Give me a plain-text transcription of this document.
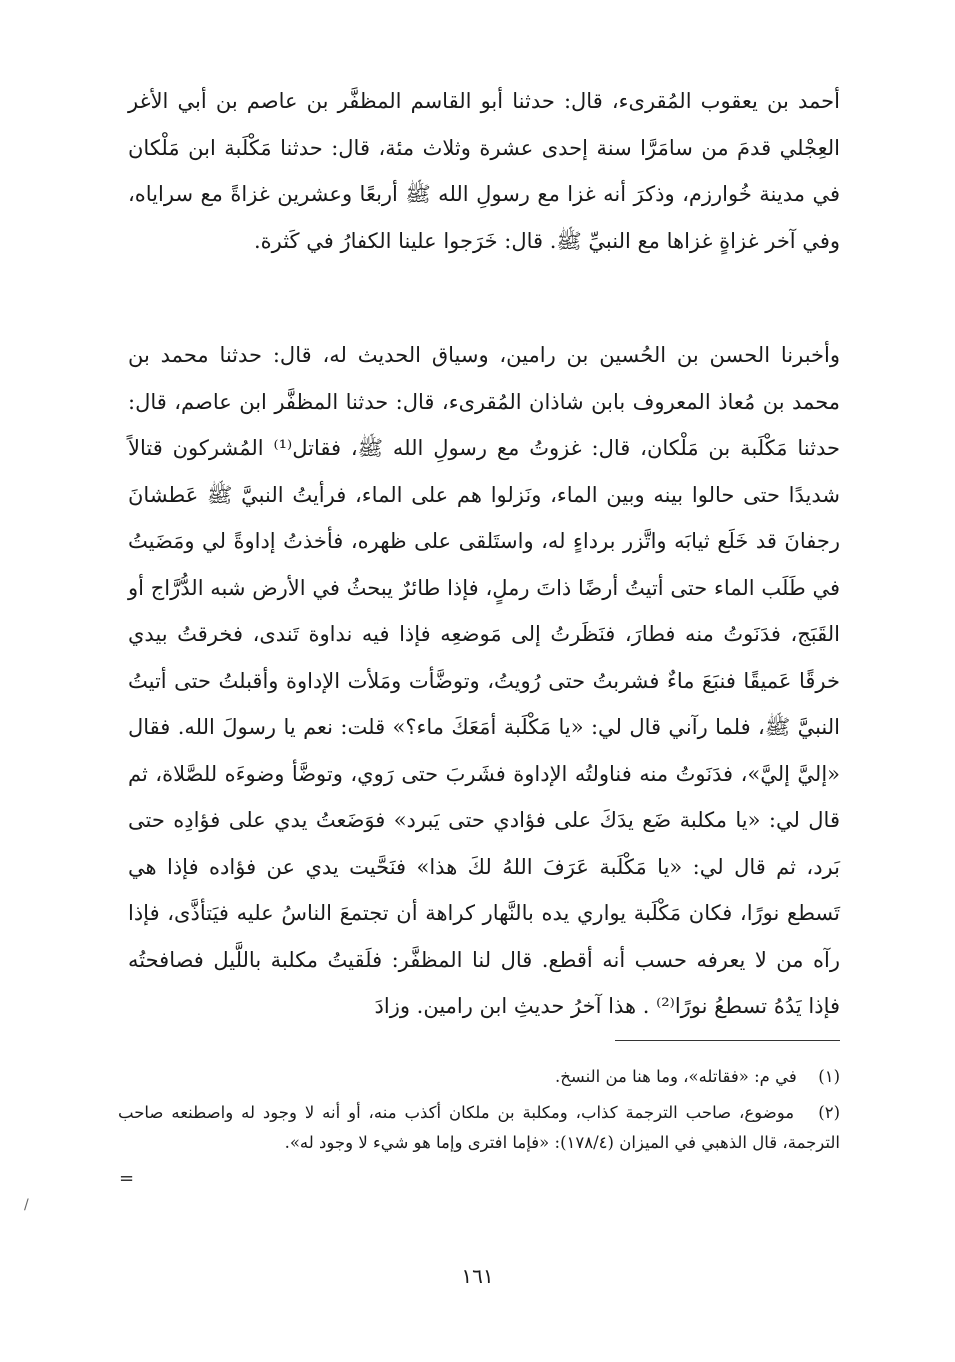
أحمد بن يعقوب المُقرىء، قال: حدثنا أبو القاسم المظفَّر بن عاصم بن أبي الأغر العِجْلي قدمَ من سامَرَّا سنة إحدى عشرة وثلاث مئة، قال: حدثنا مَكْلَبة ابن مَلْكان في مدينة خُوارزم، وذكرَ أنه غزا مع رسولِ الله ﷺ أربعًا وعشرين غزاةً مع سراياه، وفي آخر غزاةٍ غزاها مع النبيِّ ﷺ. قال: خَرَجوا علينا الكفارُ في كَثرة.

وأخبرنا الحسن بن الحُسين بن رامين، وسياق الحديث له، قال: حدثنا محمد بن محمد بن مُعاذ المعروف بابن شاذان المُقرىء، قال: حدثنا المظفَّر ابن عاصم، قال: حدثنا مَكْلَبة بن مَلْكان، قال: غزوتُ مع رسولِ الله ﷺ، فقاتل⁽¹⁾ المُشركون قتالاً شديدًا حتى حالوا بينه وبين الماء، ونَزلوا هم على الماء، فرأيتُ النبيَّ ﷺ عَطشانَ رجفانَ قد خَلَع ثيابَه واتَّزر برداءٍ له، واستَلقى على ظهره، فأخذتُ إداوةً لي ومَضَيتُ في طَلَب الماء حتى أتيتُ أرضًا ذاتَ رملٍ، فإذا طائرٌ يبحثُ في الأرض شبه الدُّرَّاج أو القَبَج، فدَنَوتُ منه فطارَ، فنَظَرتُ إلى مَوضعِه فإذا فيه نداوة تَندى، فخرقتُ بيدي خرقًا عَميقًا فنبَعَ ماءٌ فشربتُ حتى رُويتُ، وتوضَّأت ومَلأت الإداوة وأقبلتُ حتى أتيتُ النبيَّ ﷺ، فلما رآني قال لي: «يا مَكْلَبة أمَعَكَ ماء؟» قلت: نعم يا رسولَ الله. فقال «إليَّ إليَّ»، فدَنَوتُ منه فناولتُه الإداوة فشَربَ حتى رَوي، وتوضَّأ وضوءَه للصَّلاة، ثم قال لي: «يا مكلبة ضَع يدَكَ على فؤادي حتى يَبرد» فوَضَعتُ يدي على فؤادِه حتى بَرد، ثم قال لي: «يا مَكْلَبة عَرَفَ اللهُ لكَ هذا» فنَحَّيت يدي عن فؤاده فإذا هي تَسطع نورًا، فكان مَكْلَبة يواري يده بالنَّهار كراهة أن تجتمعَ الناسُ عليه فيَتأذَّى، فإذا رآه من لا يعرفه حسب أنه أقطع. قال لنا المظفَّر: فلَقيتُ مكلبة باللَّيل فصافحتُه فإذا يَدُهُ تسطعُ نورًا⁽²⁾ . هذا آخرُ حديثِ ابن رامين. وزادَ

(١) في م: «فقاتله»، وما هنا من النسخ.
(٢) موضوع، صاحب الترجمة كذاب، ومكلبة بن ملكان أكذب منه، أو أنه لا وجود له واصطنعه صاحب الترجمة، قال الذهبي في الميزان (١٧٨/٤): «فإما افترى وإما هو شيء لا وجود له».
=
/
١٦١
